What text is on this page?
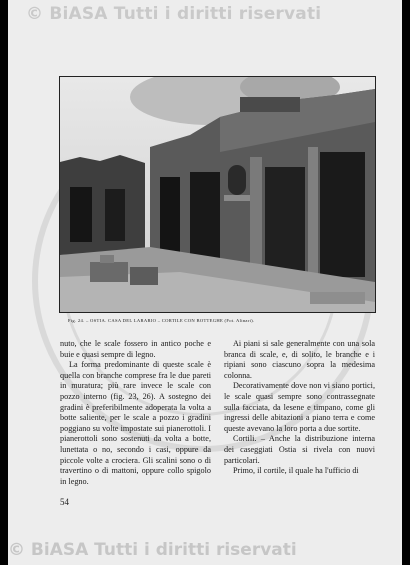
© BiASA Tutti i diritti riservati
Fig. 24. – OSTIA. CASA DEL LARARIO – CORTILE CON BOTTEGHE (Fot. Alinari).

nuto, che le scale fossero in antico poche e buie e quasi sempre di legno.

La forma predominante di queste scale è quella con branche comprese fra le due pareti in muratura; più rare invece le scale con pozzo interno (fig. 23, 26). A sostegno dei gradini è preferibilmente adoperata la volta a botte saliente, per le scale a pozzo i gradini poggiano su volte impostate sui pianerottoli. I pianerottoli sono sostenuti da volta a botte, lunettata o no, secondo i casi, oppure da piccole volte a crociera. Gli scalini sono o di travertino o di mattoni, oppure collo spigolo in legno.

Ai piani si sale generalmente con una sola branca di scale, e, di solito, le branche e i ripiani sono ciascuno sopra la medesima colonna.

Decorativamente dove non vi siano portici, le scale quasi sempre sono contrassegnate sulla facciata, da lesene e timpano, come gli ingressi delle abitazioni a piano terra e come queste avevano la loro porta a due sortite.

Cortili. – Anche la distribuzione interna dei caseggiati Ostia si rivela con nuovi particolari.

Primo, il cortile, il quale ha l'ufficio di

54
© BiASA Tutti i diritti riservati
